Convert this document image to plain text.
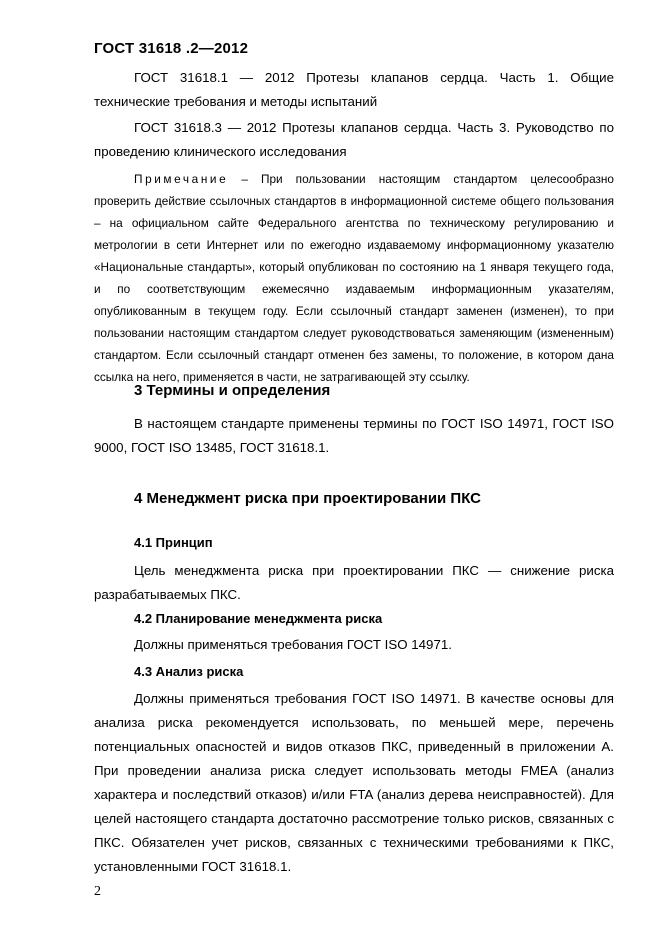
ГОСТ 31618 .2—2012
ГОСТ 31618.1 — 2012 Протезы клапанов сердца. Часть 1. Общие технические требования и методы испытаний
ГОСТ 31618.3 — 2012 Протезы клапанов сердца. Часть 3. Руководство по проведению клинического исследования
Примечание – При пользовании настоящим стандартом целесообразно проверить действие ссылочных стандартов в информационной системе общего пользования – на официальном сайте Федерального агентства по техническому регулированию и метрологии в сети Интернет или по ежегодно издаваемому информационному указателю «Национальные стандарты», который опубликован по состоянию на 1 января текущего года, и по соответствующим ежемесячно издаваемым информационным указателям, опубликованным в текущем году. Если ссылочный стандарт заменен (изменен), то при пользовании настоящим стандартом следует руководствоваться заменяющим (измененным) стандартом. Если ссылочный стандарт отменен без замены, то положение, в котором дана ссылка на него, применяется в части, не затрагивающей эту ссылку.
3 Термины и определения
В настоящем стандарте применены термины по ГОСТ ISO 14971, ГОСТ ISO 9000, ГОСТ ISO 13485, ГОСТ 31618.1.
4 Менеджмент риска при проектировании ПКС
4.1 Принцип
Цель менеджмента риска при проектировании ПКС — снижение риска разрабатываемых ПКС.
4.2 Планирование менеджмента риска
Должны применяться требования ГОСТ ISO 14971.
4.3 Анализ риска
Должны применяться требования ГОСТ ISO 14971. В качестве основы для анализа риска рекомендуется использовать, по меньшей мере, перечень потенциальных опасностей и видов отказов ПКС, приведенный в приложении А. При проведении анализа риска следует использовать методы FMEA (анализ характера и последствий отказов) и/или FTA (анализ дерева неисправностей). Для целей настоящего стандарта достаточно рассмотрение только рисков, связанных с ПКС. Обязателен учет рисков, связанных с техническими требованиями к ПКС, установленными ГОСТ 31618.1.
2
